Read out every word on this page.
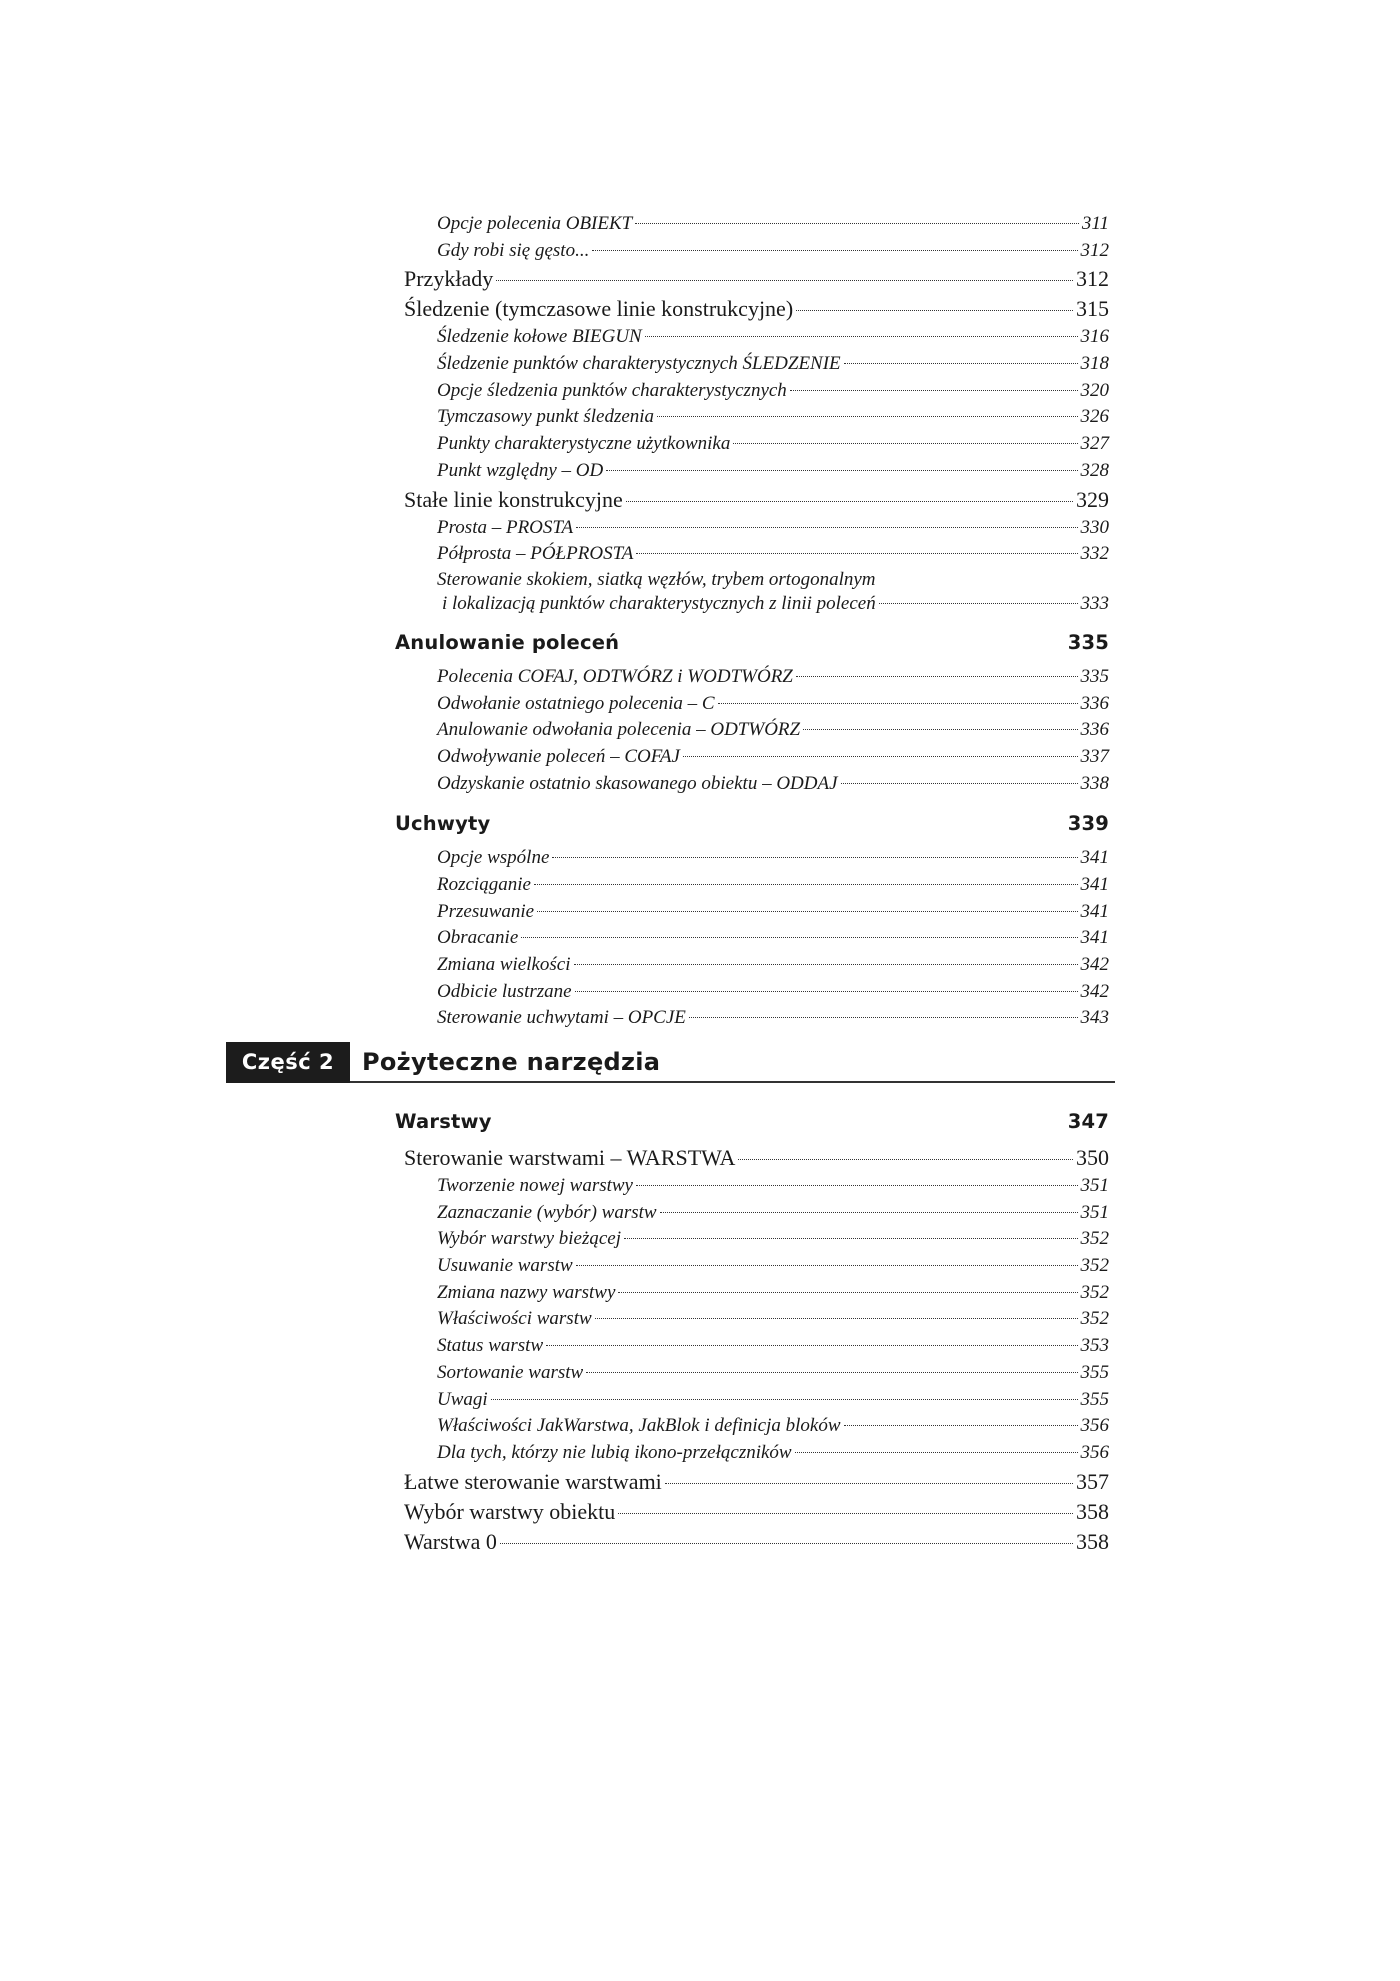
Opcje polecenia OBIEKT	311
Gdy robi się gęsto...	312
Przykłady	312
Śledzenie (tymczasowe linie konstrukcyjne)	315
Śledzenie kołowe BIEGUN	316
Śledzenie punktów charakterystycznych ŚLEDZENIE	318
Opcje śledzenia punktów charakterystycznych	320
Tymczasowy punkt śledzenia	326
Punkty charakterystyczne użytkownika	327
Punkt względny – OD	328
Stałe linie konstrukcyjne	329
Prosta – PROSTA	330
Półprosta – PÓŁPROSTA	332
Sterowanie skokiem, siatką węzłów, trybem ortogonalnym
i lokalizacją punktów charakterystycznych z linii poleceń	333
Anulowanie poleceń	335
Polecenia COFAJ, ODTWÓRZ i WODTWÓRZ	335
Odwołanie ostatniego polecenia – C	336
Anulowanie odwołania polecenia – ODTWÓRZ	336
Odwoływanie poleceń – COFAJ	337
Odzyskanie ostatnio skasowanego obiektu – ODDAJ	338
Uchwyty	339
Opcje wspólne	341
Rozciąganie	341
Przesuwanie	341
Obracanie	341
Zmiana wielkości	342
Odbicie lustrzane	342
Sterowanie uchwytami – OPCJE	343
Część 2	Pożyteczne narzędzia
Warstwy	347
Sterowanie warstwami – WARSTWA	350
Tworzenie nowej warstwy	351
Zaznaczanie (wybór) warstw	351
Wybór warstwy bieżącej	352
Usuwanie warstw	352
Zmiana nazwy warstwy	352
Właściwości warstw	352
Status warstw	353
Sortowanie warstw	355
Uwagi	355
Właściwości JakWarstwa, JakBlok i definicja bloków	356
Dla tych, którzy nie lubią ikono-przełączników	356
Łatwe sterowanie warstwami	357
Wybór warstwy obiektu	358
Warstwa 0	358
